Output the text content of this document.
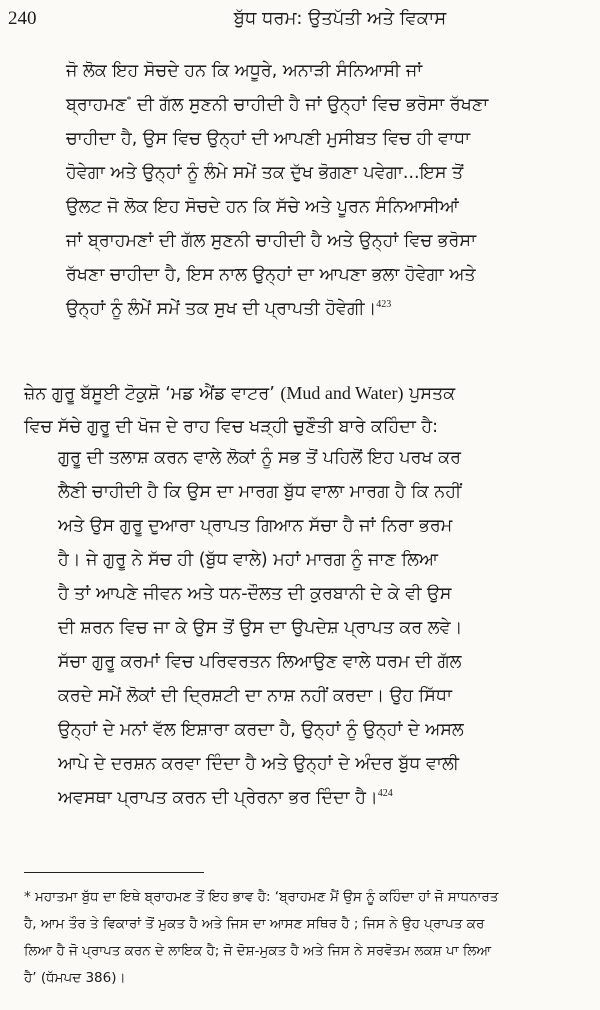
240	ਬੁੱਧ ਧਰਮ: ਉਤਪੱਤੀ ਅਤੇ ਵਿਕਾਸ
ਜੋ ਲੋਕ ਇਹ ਸੋਚਦੇ ਹਨ ਕਿ ਅਧੂਰੇ, ਅਨਾੜੀ ਸੰਨਿਆਸੀ ਜਾਂ
ਬ੍ਰਾਹਮਣ* ਦੀ ਗੱਲ ਸੁਣਨੀ ਚਾਹੀਦੀ ਹੈ ਜਾਂ ਉਨ੍ਹਾਂ ਵਿਚ ਭਰੋਸਾ ਰੱਖਣਾ
ਚਾਹੀਦਾ ਹੈ, ਉਸ ਵਿਚ ਉਨ੍ਹਾਂ ਦੀ ਆਪਣੀ ਮੁਸੀਬਤ ਵਿਚ ਹੀ ਵਾਧਾ
ਹੋਵੇਗਾ ਅਤੇ ਉਨ੍ਹਾਂ ਨੂੰ ਲੰਮੇ ਸਮੇਂ ਤਕ ਦੁੱਖ ਭੋਗਣਾ ਪਵੇਗਾ...ਇਸ ਤੋਂ
ਉਲਟ ਜੋ ਲੋਕ ਇਹ ਸੋਚਦੇ ਹਨ ਕਿ ਸੱਚੇ ਅਤੇ ਪੂਰਨ ਸੰਨਿਆਸੀਆਂ
ਜਾਂ ਬ੍ਰਾਹਮਣਾਂ ਦੀ ਗੱਲ ਸੁਣਨੀ ਚਾਹੀਦੀ ਹੈ ਅਤੇ ਉਨ੍ਹਾਂ ਵਿਚ ਭਰੋਸਾ
ਰੱਖਣਾ ਚਾਹੀਦਾ ਹੈ, ਇਸ ਨਾਲ ਉਨ੍ਹਾਂ ਦਾ ਆਪਣਾ ਭਲਾ ਹੋਵੇਗਾ ਅਤੇ
ਉਨ੍ਹਾਂ ਨੂੰ ਲੰਮੇਂ ਸਮੇਂ ਤਕ ਸੁਖ ਦੀ ਪ੍ਰਾਪਤੀ ਹੋਵੇਗੀ।$^{423}$
ਜ਼ੇਨ ਗੁਰੂ ਬੱਸੂਈ ਟੋਕੁਸ਼ੋ ‘ਮਡ ਐਂਡ ਵਾਟਰ’ (Mud and Water) ਪੁਸਤਕ
ਵਿਚ ਸੱਚੇ ਗੁਰੂ ਦੀ ਖੋਜ ਦੇ ਰਾਹ ਵਿਚ ਖੜ੍ਹੀ ਚੁਣੌਤੀ ਬਾਰੇ ਕਹਿੰਦਾ ਹੈ:
ਗੁਰੂ ਦੀ ਤਲਾਸ਼ ਕਰਨ ਵਾਲੇ ਲੋਕਾਂ ਨੂੰ ਸਭ ਤੋਂ ਪਹਿਲੋਂ ਇਹ ਪਰਖ ਕਰ
ਲੈਣੀ ਚਾਹੀਦੀ ਹੈ ਕਿ ਉਸ ਦਾ ਮਾਰਗ ਬੁੱਧ ਵਾਲਾ ਮਾਰਗ ਹੈ ਕਿ ਨਹੀਂ
ਅਤੇ ਉਸ ਗੁਰੂ ਦੁਆਰਾ ਪ੍ਰਾਪਤ ਗਿਆਨ ਸੱਚਾ ਹੈ ਜਾਂ ਨਿਰਾ ਭਰਮ
ਹੈ। ਜੇ ਗੁਰੂ ਨੇ ਸੱਚ ਹੀ (ਬੁੱਧ ਵਾਲੇ) ਮਹਾਂ ਮਾਰਗ ਨੂੰ ਜਾਣ ਲਿਆ
ਹੈ ਤਾਂ ਆਪਣੇ ਜੀਵਨ ਅਤੇ ਧਨ-ਦੌਲਤ ਦੀ ਕੁਰਬਾਨੀ ਦੇ ਕੇ ਵੀ ਉਸ
ਦੀ ਸ਼ਰਨ ਵਿਚ ਜਾ ਕੇ ਉਸ ਤੋਂ ਉਸ ਦਾ ਉਪਦੇਸ਼ ਪ੍ਰਾਪਤ ਕਰ ਲਵੇ।
ਸੱਚਾ ਗੁਰੂ ਕਰਮਾਂ ਵਿਚ ਪਰਿਵਰਤਨ ਲਿਆਉਣ ਵਾਲੇ ਧਰਮ ਦੀ ਗੱਲ
ਕਰਦੇ ਸਮੇਂ ਲੋਕਾਂ ਦੀ ਦ੍ਰਿਸ਼ਟੀ ਦਾ ਨਾਸ਼ ਨਹੀਂ ਕਰਦਾ। ਉਹ ਸਿੱਧਾ
ਉਨ੍ਹਾਂ ਦੇ ਮਨਾਂ ਵੱਲ ਇਸ਼ਾਰਾ ਕਰਦਾ ਹੈ, ਉਨ੍ਹਾਂ ਨੂੰ ਉਨ੍ਹਾਂ ਦੇ ਅਸਲ
ਆਪੇ ਦੇ ਦਰਸ਼ਨ ਕਰਵਾ ਦਿੰਦਾ ਹੈ ਅਤੇ ਉਨ੍ਹਾਂ ਦੇ ਅੰਦਰ ਬੁੱਧ ਵਾਲੀ
ਅਵਸਥਾ ਪ੍ਰਾਪਤ ਕਰਨ ਦੀ ਪ੍ਰੇਰਨਾ ਭਰ ਦਿੰਦਾ ਹੈ।$^{424}$
* ਮਹਾਤਮਾ ਬੁੱਧ ਦਾ ਇਥੇ ਬ੍ਰਾਹਮਣ ਤੋਂ ਇਹ ਭਾਵ ਹੈ: ‘ਬ੍ਰਾਹਮਣ ਮੈਂ ਉਸ ਨੂੰ ਕਹਿੰਦਾ ਹਾਂ ਜੋ ਸਾਧਨਾਰਤ
ਹੈ, ਆਮ ਤੌਰ ਤੇ ਵਿਕਾਰਾਂ ਤੋਂ ਮੁਕਤ ਹੈ ਅਤੇ ਜਿਸ ਦਾ ਆਸਣ ਸਥਿਰ ਹੈ ; ਜਿਸ ਨੇ ਉਹ ਪ੍ਰਾਪਤ ਕਰ
ਲਿਆ ਹੈ ਜੋ ਪ੍ਰਾਪਤ ਕਰਨ ਦੇ ਲਾਇਕ ਹੈ; ਜੋ ਦੋਸ਼-ਮੁਕਤ ਹੈ ਅਤੇ ਜਿਸ ਨੇ ਸਰਵੋਤਮ ਲਕਸ਼ ਪਾ ਲਿਆ
ਹੈ’ (ਧੱਮਪਦ 386)।
